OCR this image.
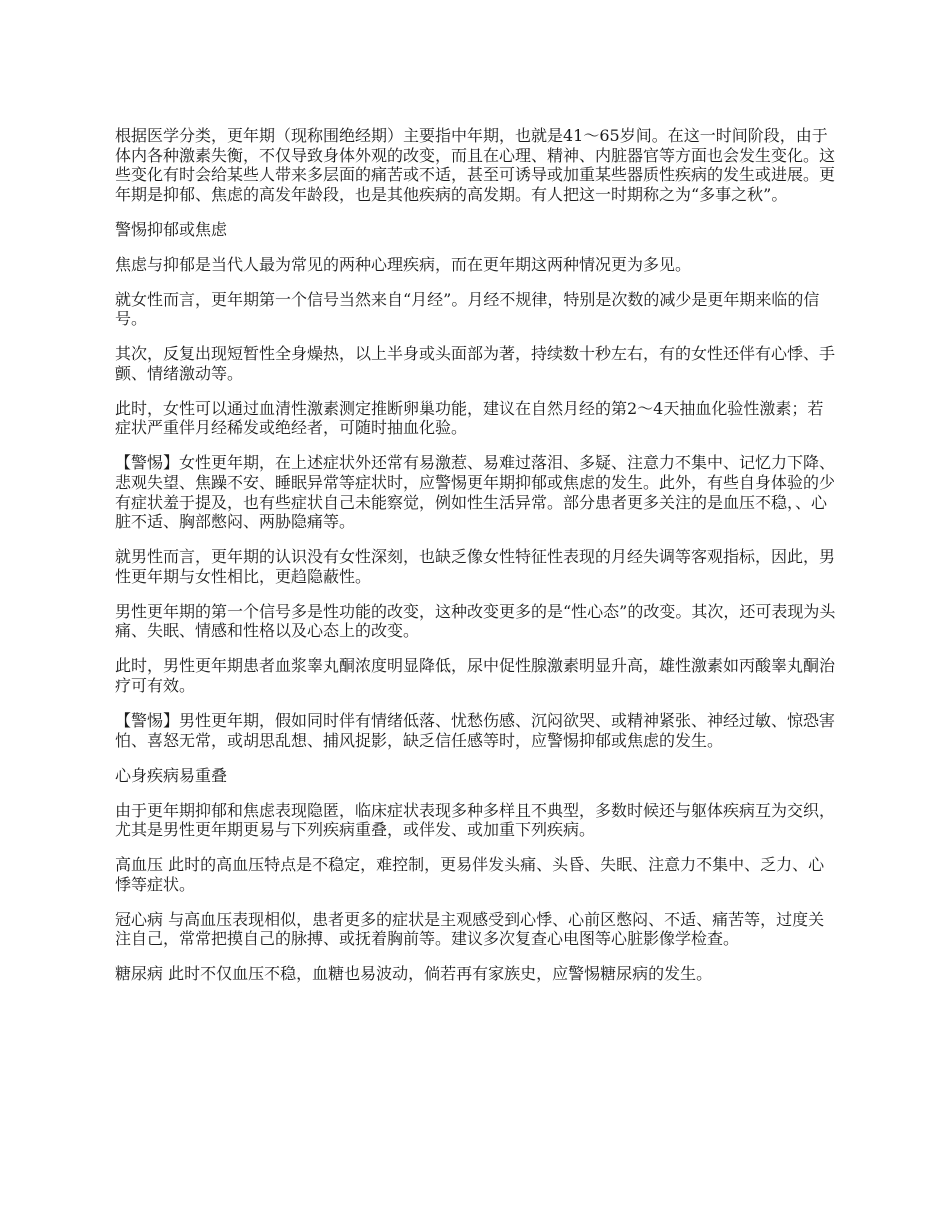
根据医学分类，更年期（现称围绝经期）主要指中年期，也就是41～65岁间。在这一时间阶段，由于体内各种激素失衡，不仅导致身体外观的改变，而且在心理、精神、内脏器官等方面也会发生变化。这些变化有时会给某些人带来多层面的痛苦或不适，甚至可诱导或加重某些器质性疾病的发生或进展。更年期是抑郁、焦虑的高发年龄段，也是其他疾病的高发期。有人把这一时期称之为“多事之秋”。

警惕抑郁或焦虑

焦虑与抑郁是当代人最为常见的两种心理疾病，而在更年期这两种情况更为多见。

就女性而言，更年期第一个信号当然来自“月经”。月经不规律，特别是次数的减少是更年期来临的信号。

其次，反复出现短暂性全身燥热，以上半身或头面部为著，持续数十秒左右，有的女性还伴有心悸、手颤、情绪激动等。

此时，女性可以通过血清性激素测定推断卵巢功能，建议在自然月经的第2～4天抽血化验性激素；若症状严重伴月经稀发或绝经者，可随时抽血化验。

【警惕】女性更年期，在上述症状外还常有易激惹、易难过落泪、多疑、注意力不集中、记忆力下降、悲观失望、焦躁不安、睡眠异常等症状时，应警惕更年期抑郁或焦虑的发生。此外，有些自身体验的少有症状羞于提及，也有些症状自己未能察觉，例如性生活异常。部分患者更多关注的是血压不稳，、心脏不适、胸部憋闷、两胁隐痛等。

就男性而言，更年期的认识没有女性深刻，也缺乏像女性特征性表现的月经失调等客观指标，因此，男性更年期与女性相比，更趋隐蔽性。

男性更年期的第一个信号多是性功能的改变，这种改变更多的是“性心态”的改变。其次，还可表现为头痛、失眠、情感和性格以及心态上的改变。

此时，男性更年期患者血浆睾丸酮浓度明显降低，尿中促性腺激素明显升高，雄性激素如丙酸睾丸酮治疗可有效。

【警惕】男性更年期，假如同时伴有情绪低落、忧愁伤感、沉闷欲哭、或精神紧张、神经过敏、惊恐害怕、喜怒无常，或胡思乱想、捕风捉影，缺乏信任感等时，应警惕抑郁或焦虑的发生。

心身疾病易重叠

由于更年期抑郁和焦虑表现隐匿，临床症状表现多种多样且不典型，多数时候还与躯体疾病互为交织，尤其是男性更年期更易与下列疾病重叠，或伴发、或加重下列疾病。

高血压 此时的高血压特点是不稳定，难控制，更易伴发头痛、头昏、失眠、注意力不集中、乏力、心悸等症状。

冠心病 与高血压表现相似，患者更多的症状是主观感受到心悸、心前区憋闷、不适、痛苦等，过度关注自己，常常把摸自己的脉搏、或抚着胸前等。建议多次复查心电图等心脏影像学检查。

糖尿病 此时不仅血压不稳，血糖也易波动，倘若再有家族史，应警惕糖尿病的发生。
